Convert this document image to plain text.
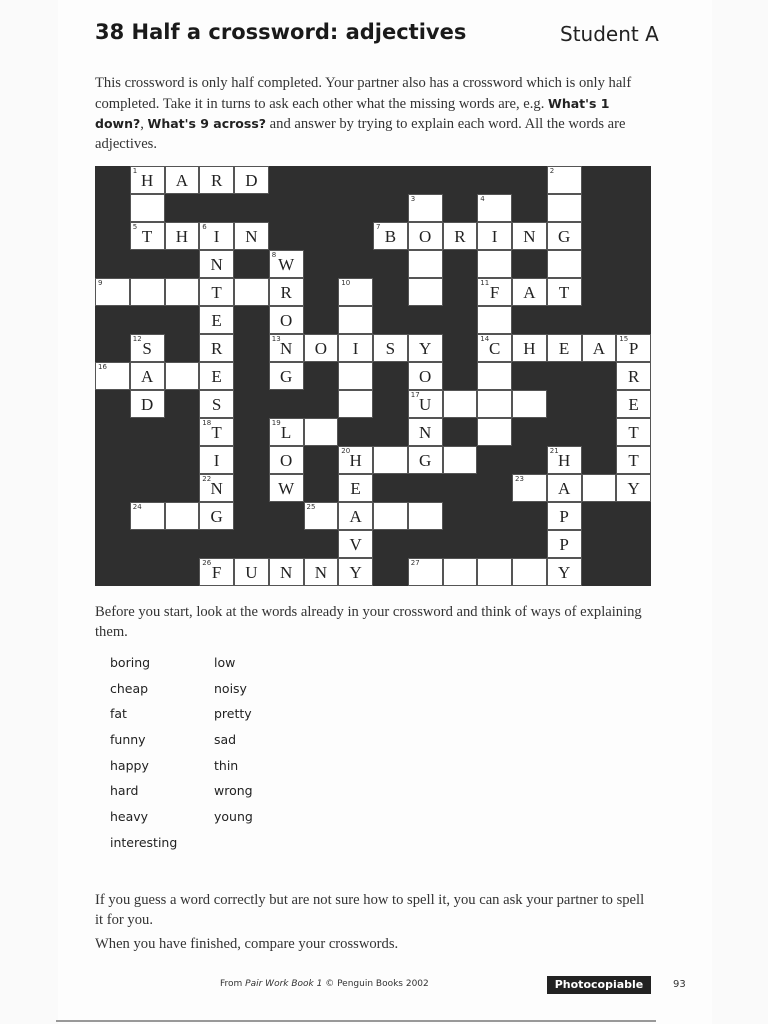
38 Half a crossword: adjectives	Student A
This crossword is only half completed. Your partner also has a crossword which is only half completed. Take it in turns to ask each other what the missing words are, e.g. What's 1 down?, What's 9 across? and answer by trying to explain each word. All the words are adjectives.
1 H	A	R	D	2
3	4
5 T	H	6 I	N	7 B	O	R	I	N	G
N	8 W
9	T	R	10	11 F	A	T
E	O
12 S	R	13 N	O	I	S	Y	14 C	H	E	A	15 P
16	A	E	G	O	R
D	S	17 U	E
18 T	19 L	N	T
I	O	20 H	G	21 H	T
22 N	W	E	23	A	Y
24	G	25	A	P
V	P
26 F	U	N	N	Y	27	Y
Before you start, look at the words already in your crossword and think of ways of explaining them.
boring
cheap
fat
funny
happy
hard
heavy
interesting
low
noisy
pretty
sad
thin
wrong
young
If you guess a word correctly but are not sure how to spell it, you can ask your partner to spell it for you.
When you have finished, compare your crosswords.
From Pair Work Book 1 © Penguin Books 2002	Photocopiable	93
